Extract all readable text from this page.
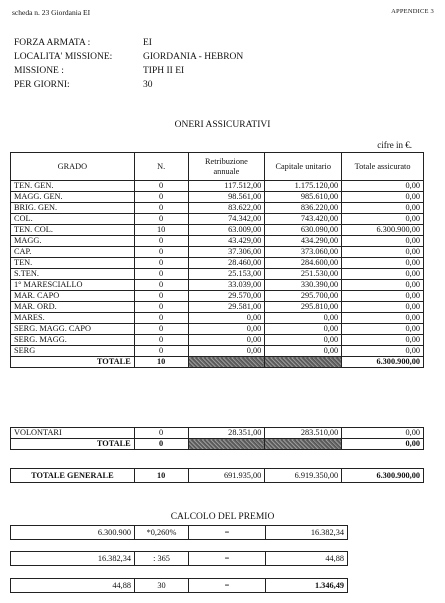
scheda n. 23 Giordania EI	APPENDICE 3
FORZA ARMATA :	EI
LOCALITA' MISSIONE:	GIORDANIA - HEBRON
MISSIONE :	TIPH II EI
PER GIORNI:	30
ONERI ASSICURATIVI
cifre in €.
GRADO	N.	Retribuzione annuale	Capitale unitario	Totale assicurato
TEN. GEN.	0	117.512,00	1.175.120,00	0,00
MAGG. GEN.	0	98.561,00	985.610,00	0,00
BRIG. GEN.	0	83.622,00	836.220,00	0,00
COL.	0	74.342,00	743.420,00	0,00
TEN. COL.	10	63.009,00	630.090,00	6.300.900,00
MAGG.	0	43.429,00	434.290,00	0,00
CAP.	0	37.306,00	373.060,00	0,00
TEN.	0	28.460,00	284.600,00	0,00
S.TEN.	0	25.153,00	251.530,00	0,00
1° MARESCIALLO	0	33.039,00	330.390,00	0,00
MAR. CAPO	0	29.570,00	295.700,00	0,00
MAR. ORD.	0	29.581,00	295.810,00	0,00
MARES.	0	0,00	0,00	0,00
SERG. MAGG. CAPO	0	0,00	0,00	0,00
SERG. MAGG.	0	0,00	0,00	0,00
SERG	0	0,00	0,00	0,00
TOTALE	10			6.300.900,00
VOLONTARI	0	28.351,00	283.510,00	0,00
TOTALE	0			0,00
TOTALE GENERALE	10	691.935,00	6.919.350,00	6.300.900,00
CALCOLO DEL PREMIO
6.300.900	*0,260%	=	16.382,34	
16.382,34	: 365	=	44,88	
44,88	30	=	1.346,49	
